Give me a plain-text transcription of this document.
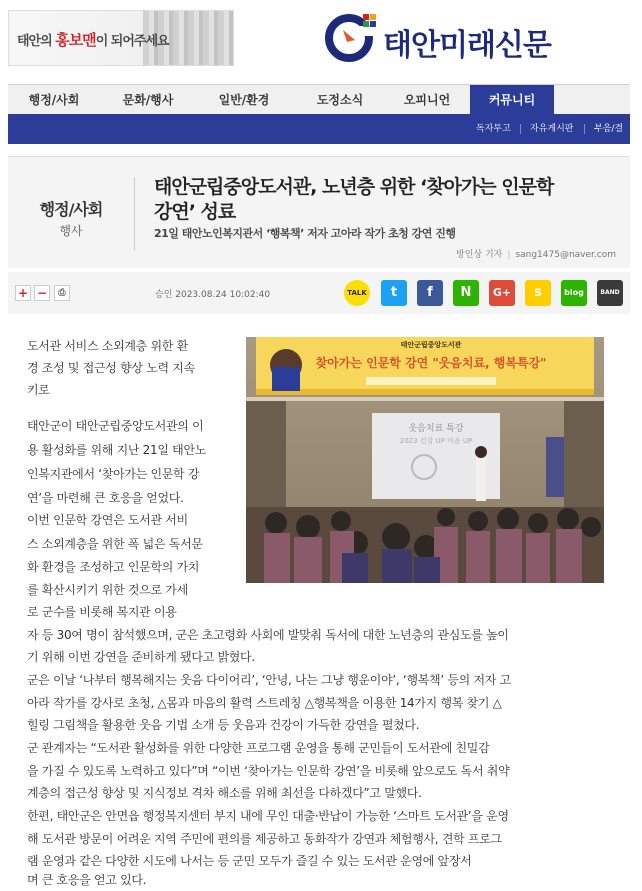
태안의 홍보맨이 되어주세요	태안미래신문
행정/사회	문화/행사	일반/환경	도정소식	오피니언	커뮤니티
독자투고 자유게시판 부음/결
행정/사회
행사
태안군립중앙도서관, 노년층 위한 ‘찾아가는 인문학
강연’ 성료
21일 태안노인복지관서 ‘행복책’ 저자 고아라 작가 초청 강연 진행
방인상 기자 | sang1475@naver.com
+ −	⎙	승인 2023.08.24 10:02:40	TALK	t	f	N	G+	s	blog	BAND
태안군립중앙도서관
찾아가는 인문학 강연 "웃음치료, 행복특강"
웃음치료 특강
2023 건강 UP 마음 UP
도서관 서비스 소외계층 위한 환
경 조성 및 접근성 향상 노력 지속
키로
태안군이 태안군립중앙도서관의 이
용 활성화를 위해 지난 21일 태안노
인복지관에서 ‘찾아가는 인문학 강
연’을 마련해 큰 호응을 얻었다.
이번 인문학 강연은 도서관 서비
스 소외계층을 위한 폭 넓은 독서문
화 환경을 조성하고 인문학의 가치
를 확산시키기 위한 것으로 가세
로 군수를 비롯해 복지관 이용
자 등 30여 명이 참석했으며, 군은 초고령화 사회에 발맞춰 독서에 대한 노년층의 관심도를 높이
기 위해 이번 강연을 준비하게 됐다고 밝혔다.
군은 이날 ‘나부터 행복해지는 웃음 다이어리’, ‘안녕, 나는 그냥 행운이야’, ‘행복책’ 등의 저자 고
아라 작가를 강사로 초청, △몸과 마음의 활력 스트레칭 △행복책을 이용한 14가지 행복 찾기 △
힐링 그림책을 활용한 웃음 기법 소개 등 웃음과 건강이 가득한 강연을 펼쳤다.
군 관계자는 “도서관 활성화를 위한 다양한 프로그램 운영을 통해 군민들이 도서관에 친밀감
을 가질 수 있도록 노력하고 있다”며 “이번 ‘찾아가는 인문학 강연’을 비롯해 앞으로도 독서 취약
계층의 접근성 향상 및 지식정보 격차 해소를 위해 최선을 다하겠다”고 말했다.
한편, 태안군은 안면읍 행정복지센터 부지 내에 무인 대출·반납이 가능한 ‘스마트 도서관’을 운영
해 도서관 방문이 어려운 지역 주민에 편의를 제공하고 동화작가 강연과 체험행사, 견학 프로그
램 운영과 같은 다양한 시도에 나서는 등 군민 모두가 즐길 수 있는 도서관 운영에 앞장서
며 큰 호응을 얻고 있다.
